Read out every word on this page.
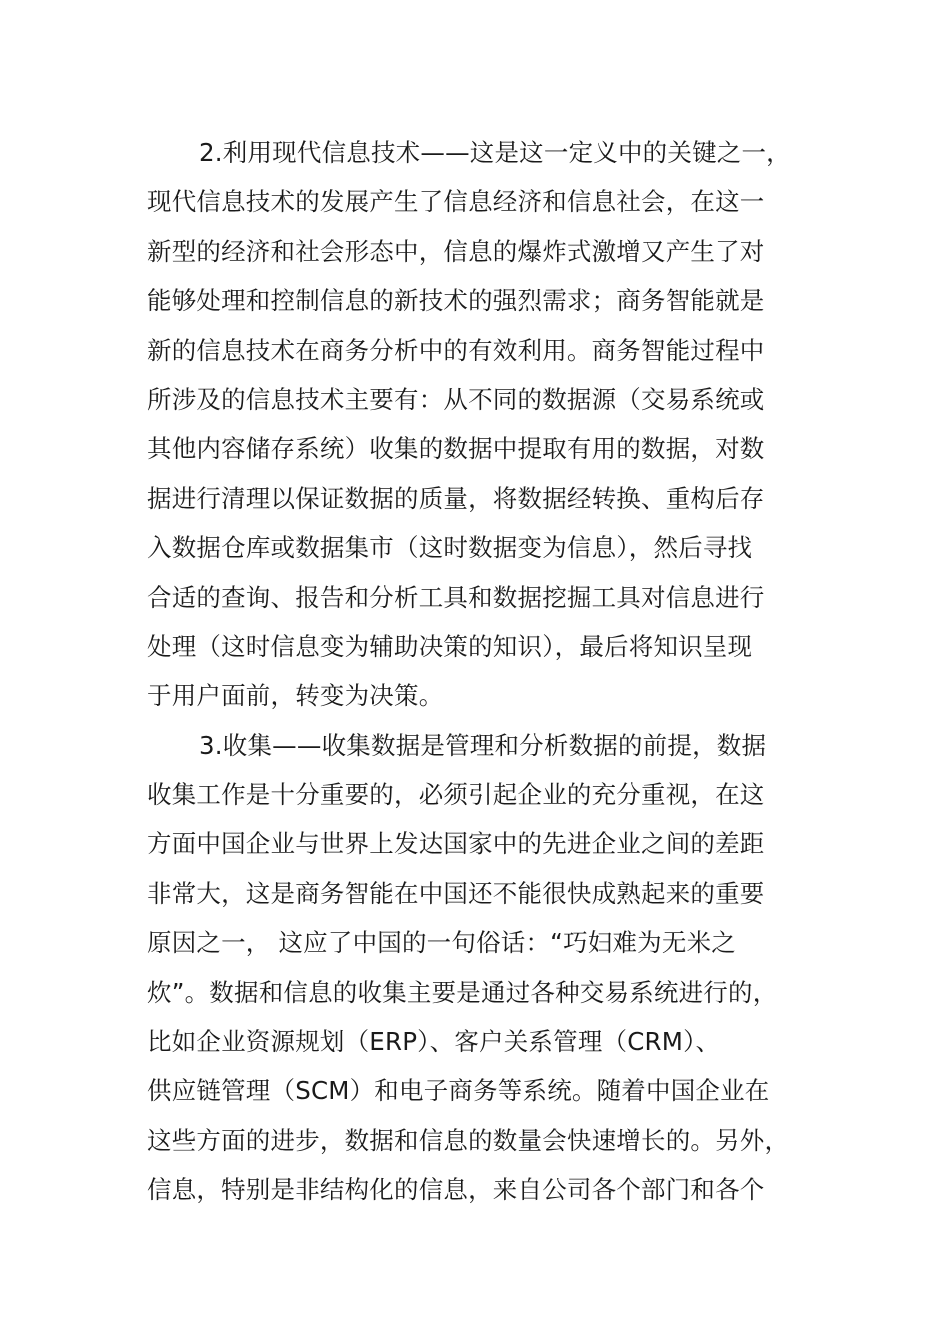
2.利用现代信息技术——这是这一定义中的关键之一，
现代信息技术的发展产生了信息经济和信息社会，在这一
新型的经济和社会形态中，信息的爆炸式激增又产生了对
能够处理和控制信息的新技术的强烈需求；商务智能就是
新的信息技术在商务分析中的有效利用。商务智能过程中
所涉及的信息技术主要有：从不同的数据源（交易系统或
其他内容储存系统）收集的数据中提取有用的数据，对数
据进行清理以保证数据的质量，将数据经转换、重构后存
入数据仓库或数据集市（这时数据变为信息），然后寻找
合适的查询、报告和分析工具和数据挖掘工具对信息进行
处理（这时信息变为辅助决策的知识），最后将知识呈现
于用户面前，转变为决策。
3.收集——收集数据是管理和分析数据的前提，数据
收集工作是十分重要的，必须引起企业的充分重视，在这
方面中国企业与世界上发达国家中的先进企业之间的差距
非常大，这是商务智能在中国还不能很快成熟起来的重要
原因之一， 这应了中国的一句俗话：“巧妇难为无米之
炊”。数据和信息的收集主要是通过各种交易系统进行的，
比如企业资源规划（ERP）、客户关系管理（CRM）、
供应链管理（SCM）和电子商务等系统。随着中国企业在
这些方面的进步，数据和信息的数量会快速增长的。另外，
信息，特别是非结构化的信息，来自公司各个部门和各个
